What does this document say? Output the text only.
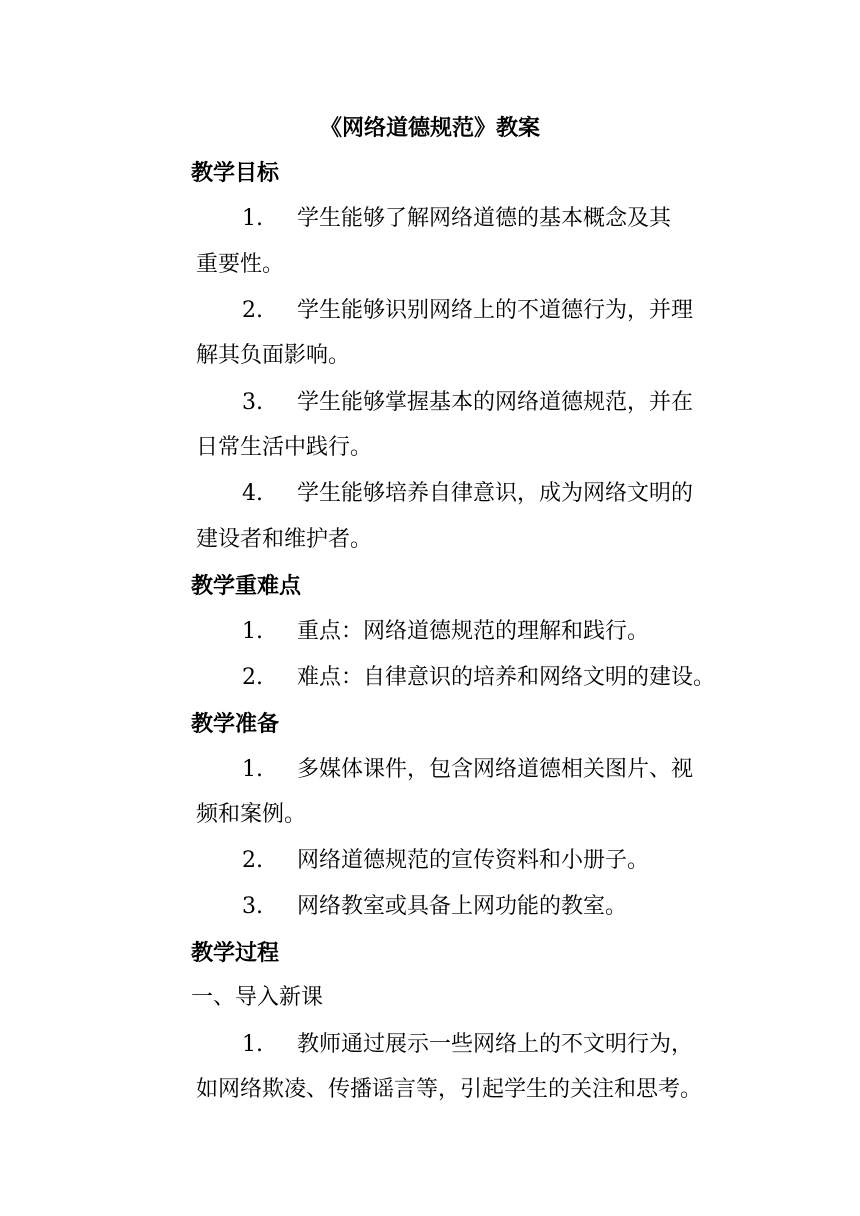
《网络道德规范》教案
教学目标
1. 学生能够了解网络道德的基本概念及其
重要性。
2. 学生能够识别网络上的不道德行为，并理
解其负面影响。
3. 学生能够掌握基本的网络道德规范，并在
日常生活中践行。
4. 学生能够培养自律意识，成为网络文明的
建设者和维护者。
教学重难点
1. 重点：网络道德规范的理解和践行。
2. 难点：自律意识的培养和网络文明的建设。
教学准备
1. 多媒体课件，包含网络道德相关图片、视
频和案例。
2. 网络道德规范的宣传资料和小册子。
3. 网络教室或具备上网功能的教室。
教学过程
一、导入新课
1. 教师通过展示一些网络上的不文明行为，
如网络欺凌、传播谣言等，引起学生的关注和思考。
